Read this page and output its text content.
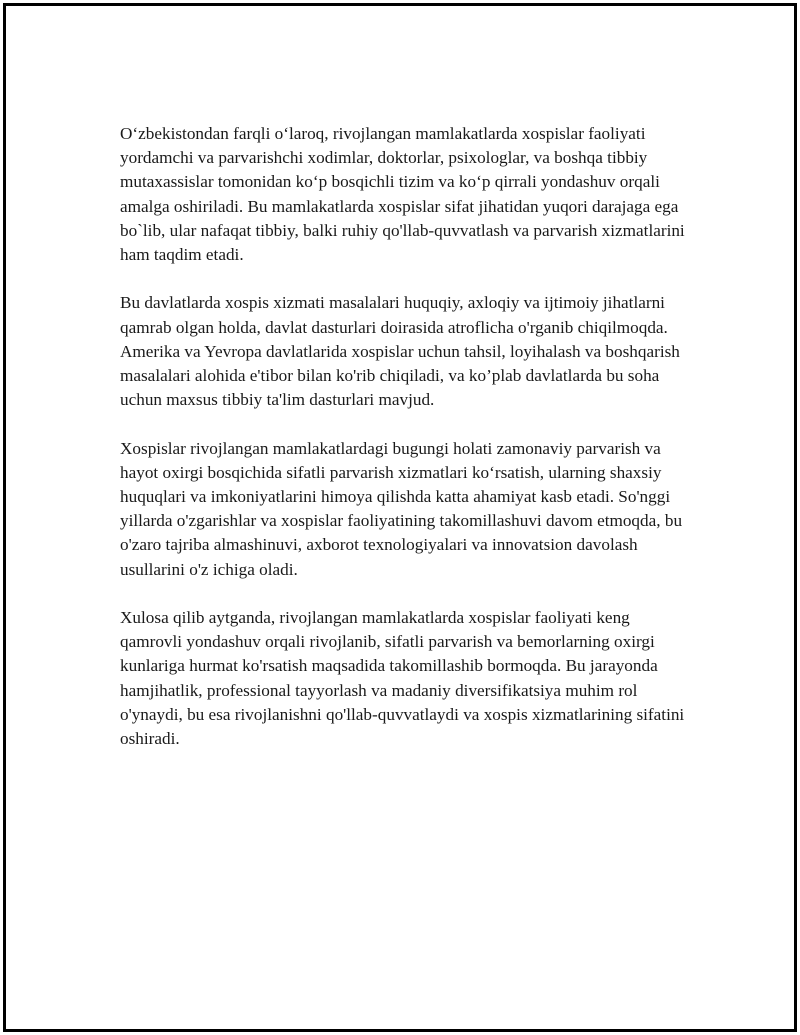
O‘zbekistondan farqli o‘laroq, rivojlangan mamlakatlarda xospislar faoliyati yordamchi va parvarishchi xodimlar, doktorlar, psixologlar, va boshqa tibbiy mutaxassislar tomonidan ko‘p bosqichli tizim va ko‘p qirrali yondashuv orqali amalga oshiriladi. Bu mamlakatlarda xospislar sifat jihatidan yuqori darajaga ega bo`lib, ular nafaqat tibbiy, balki ruhiy qo'llab-quvvatlash va parvarish xizmatlarini ham taqdim etadi.

Bu davlatlarda xospis xizmati masalalari huquqiy, axloqiy va ijtimoiy jihatlarni qamrab olgan holda, davlat dasturlari doirasida atroflicha o'rganib chiqilmoqda. Amerika va Yevropa davlatlarida xospislar uchun tahsil, loyihalash va boshqarish masalalari alohida e'tibor bilan ko'rib chiqiladi, va ko’plab davlatlarda bu soha uchun maxsus tibbiy ta'lim dasturlari mavjud.

Xospislar rivojlangan mamlakatlardagi bugungi holati zamonaviy parvarish va hayot oxirgi bosqichida sifatli parvarish xizmatlari ko‘rsatish, ularning shaxsiy huquqlari va imkoniyatlarini himoya qilishda katta ahamiyat kasb etadi. So'nggi yillarda o'zgarishlar va xospislar faoliyatining takomillashuvi davom etmoqda, bu o'zaro tajriba almashinuvi, axborot texnologiyalari va innovatsion davolash usullarini o'z ichiga oladi.

Xulosa qilib aytganda, rivojlangan mamlakatlarda xospislar faoliyati keng qamrovli yondashuv orqali rivojlanib, sifatli parvarish va bemorlarning oxirgi kunlariga hurmat ko'rsatish maqsadida takomillashib bormoqda. Bu jarayonda hamjihatlik, professional tayyorlash va madaniy diversifikatsiya muhim rol o'ynaydi, bu esa rivojlanishni qo'llab-quvvatlaydi va xospis xizmatlarining sifatini oshiradi.
